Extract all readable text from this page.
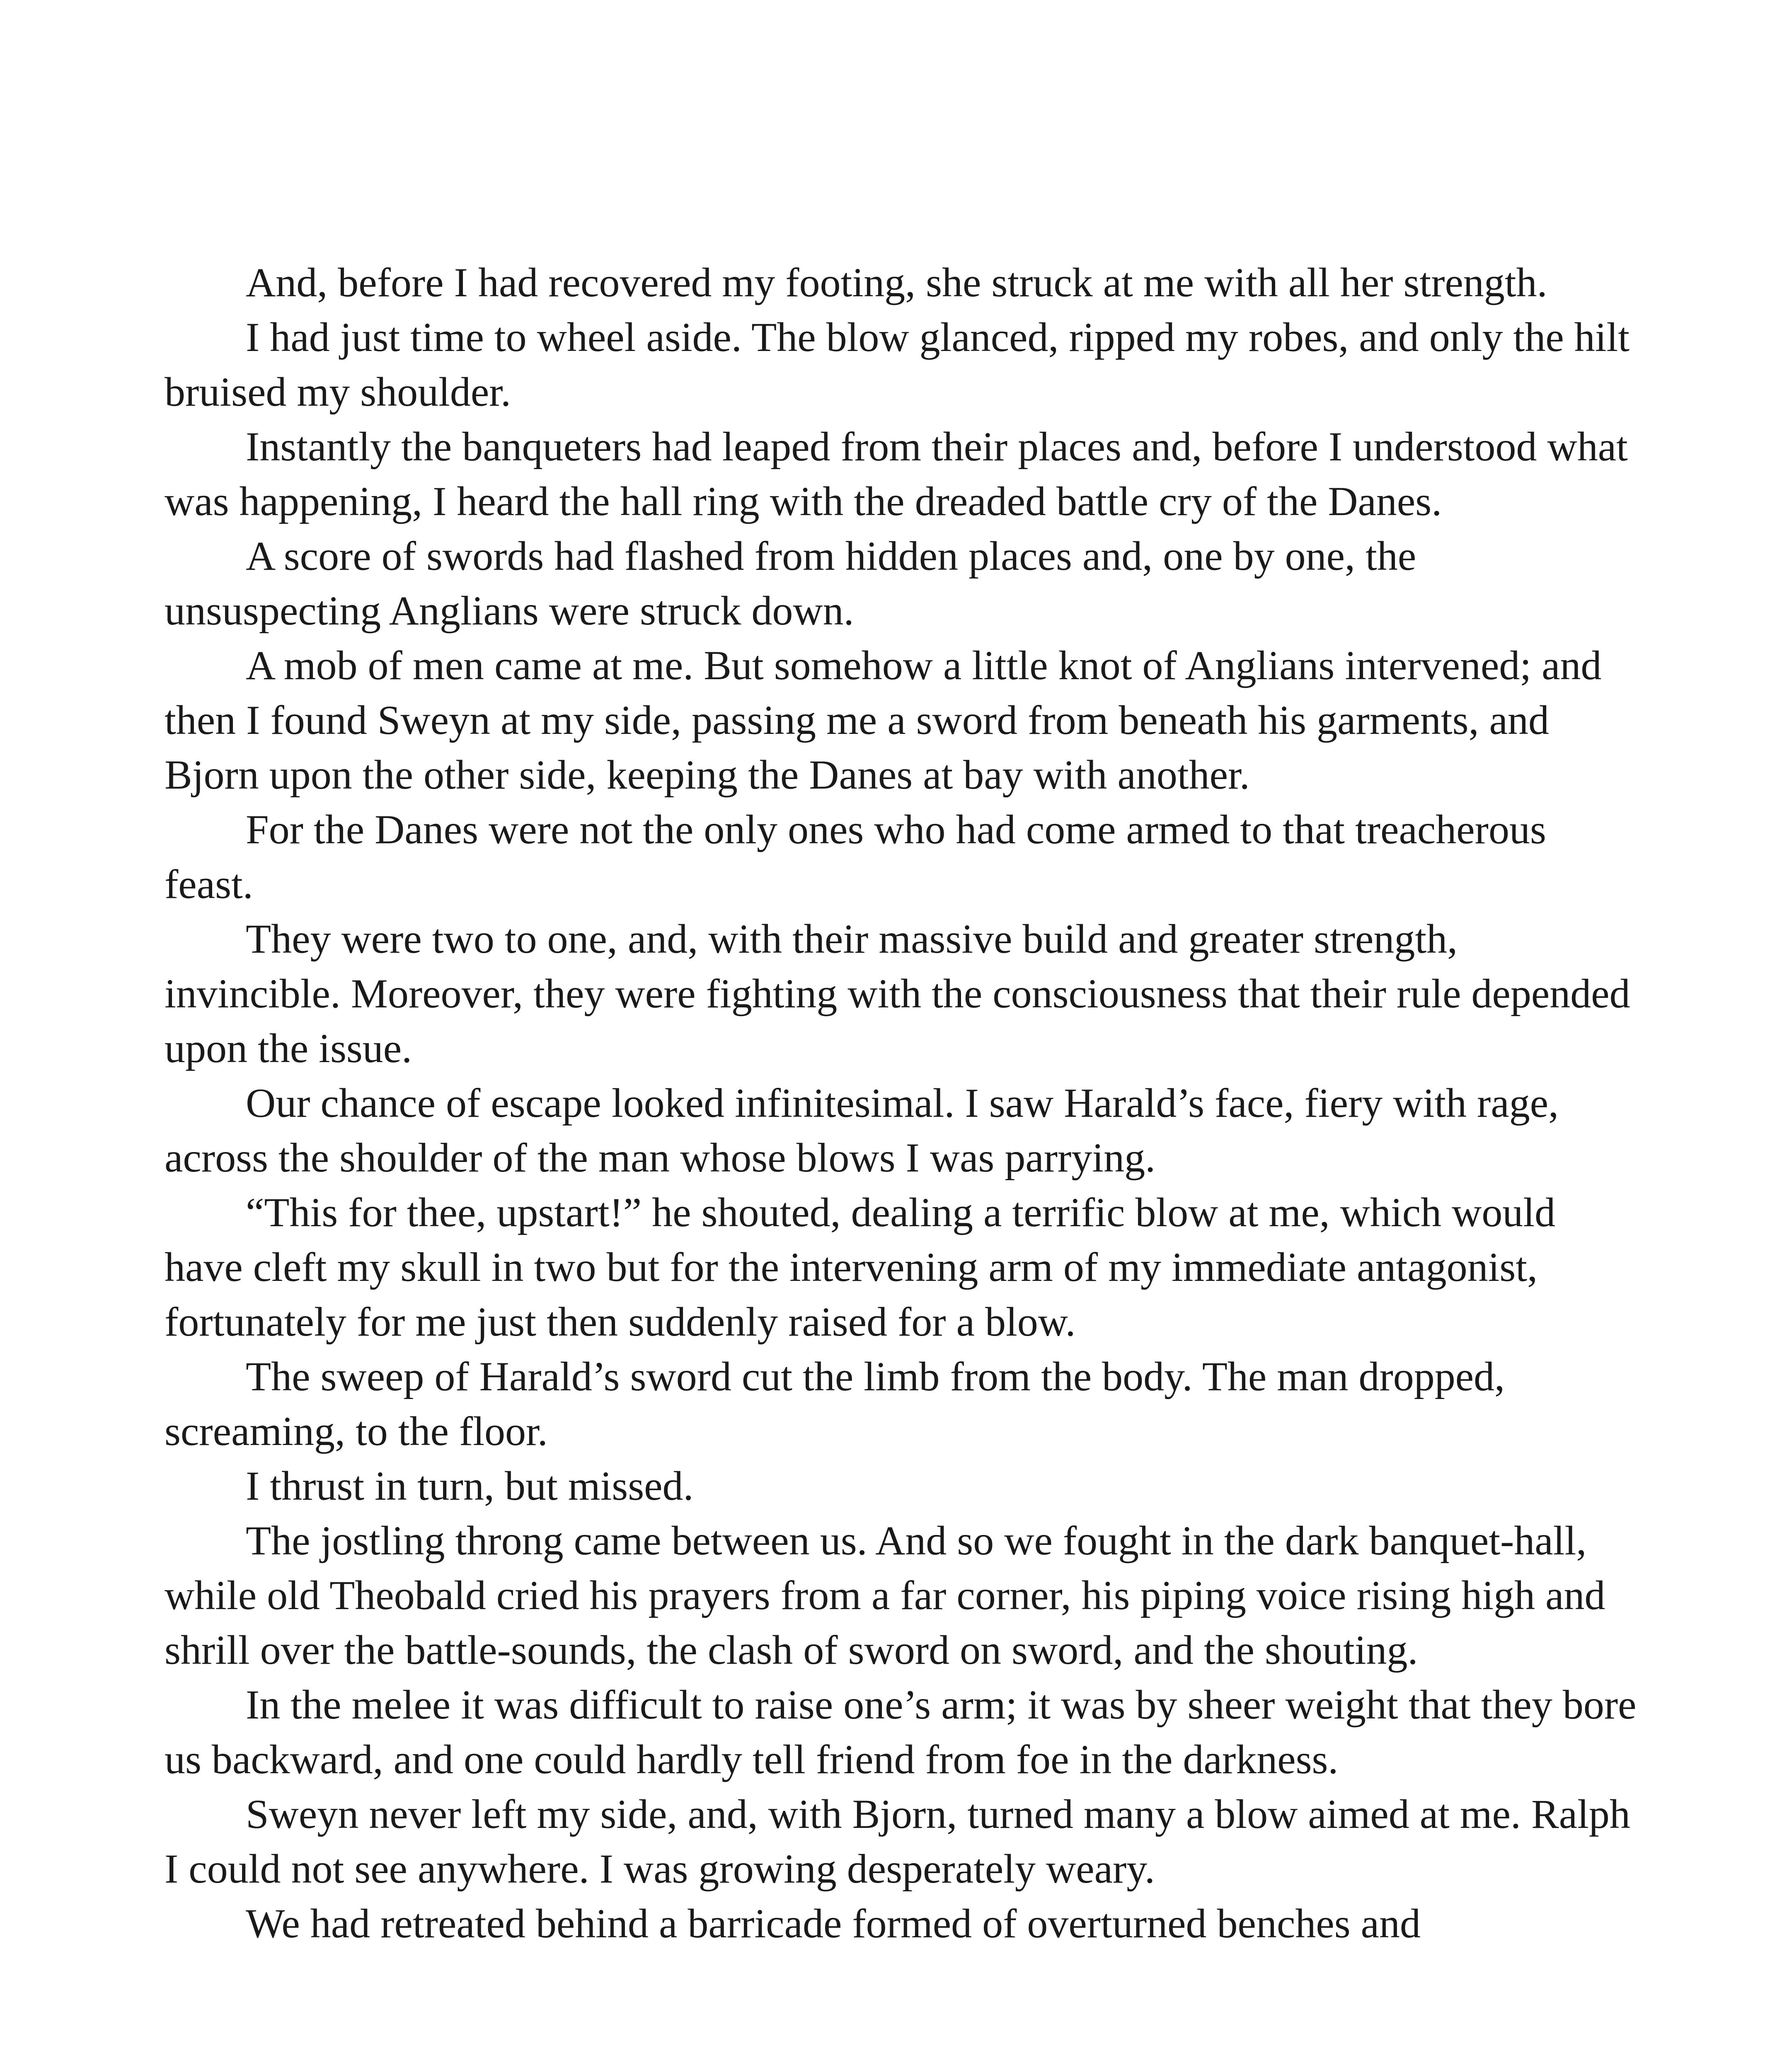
And, before I had recovered my footing, she struck at me with all her strength.

I had just time to wheel aside. The blow glanced, ripped my robes, and only the hilt bruised my shoulder.

Instantly the banqueters had leaped from their places and, before I understood what was happening, I heard the hall ring with the dreaded battle cry of the Danes.

A score of swords had flashed from hidden places and, one by one, the unsuspecting Anglians were struck down.

A mob of men came at me. But somehow a little knot of Anglians intervened; and then I found Sweyn at my side, passing me a sword from beneath his garments, and Bjorn upon the other side, keeping the Danes at bay with another.

For the Danes were not the only ones who had come armed to that treacherous feast.

They were two to one, and, with their massive build and greater strength, invincible. Moreover, they were fighting with the consciousness that their rule depended upon the issue.

Our chance of escape looked infinitesimal. I saw Harald’s face, fiery with rage, across the shoulder of the man whose blows I was parrying.

“This for thee, upstart!” he shouted, dealing a terrific blow at me, which would have cleft my skull in two but for the intervening arm of my immediate antagonist, fortunately for me just then suddenly raised for a blow.

The sweep of Harald’s sword cut the limb from the body. The man dropped, screaming, to the floor.

I thrust in turn, but missed.

The jostling throng came between us. And so we fought in the dark banquet-hall, while old Theobald cried his prayers from a far corner, his piping voice rising high and shrill over the battle-sounds, the clash of sword on sword, and the shouting.

In the melee it was difficult to raise one’s arm; it was by sheer weight that they bore us backward, and one could hardly tell friend from foe in the darkness.

Sweyn never left my side, and, with Bjorn, turned many a blow aimed at me. Ralph I could not see anywhere. I was growing desperately weary.

We had retreated behind a barricade formed of overturned benches and
